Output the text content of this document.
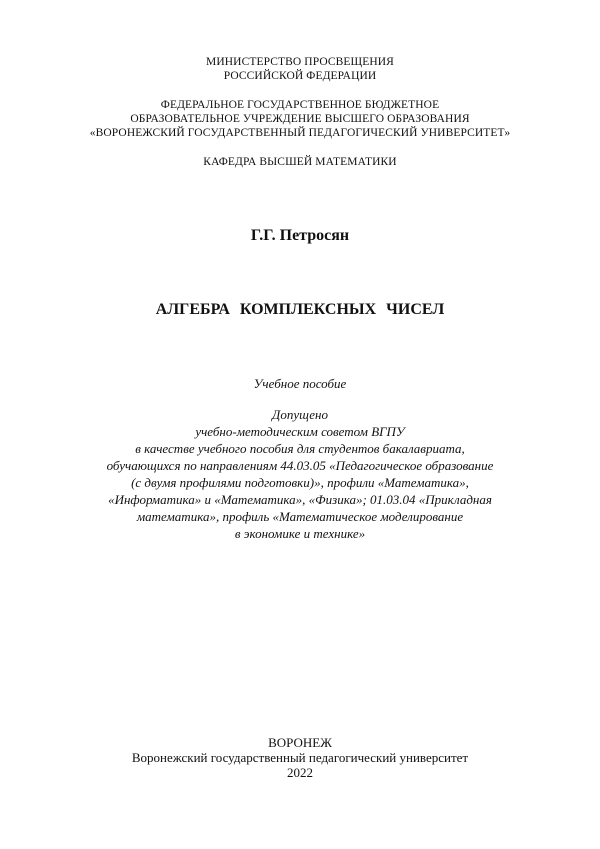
МИНИСТЕРСТВО ПРОСВЕЩЕНИЯ
РОССИЙСКОЙ ФЕДЕРАЦИИ
ФЕДЕРАЛЬНОЕ ГОСУДАРСТВЕННОЕ БЮДЖЕТНОЕ
ОБРАЗОВАТЕЛЬНОЕ УЧРЕЖДЕНИЕ ВЫСШЕГО ОБРАЗОВАНИЯ
«ВОРОНЕЖСКИЙ ГОСУДАРСТВЕННЫЙ ПЕДАГОГИЧЕСКИЙ УНИВЕРСИТЕТ»
КАФЕДРА ВЫСШЕЙ МАТЕМАТИКИ
Г.Г. Петросян
АЛГЕБРА КОМПЛЕКСНЫХ ЧИСЕЛ
Учебное пособие
Допущено
учебно-методическим советом ВГПУ
в качестве учебного пособия для студентов бакалавриата,
обучающихся по направлениям 44.03.05 «Педагогическое образование
(с двумя профилями подготовки)», профили «Математика»,
«Информатика» и «Математика», «Физика»; 01.03.04 «Прикладная
математика», профиль «Математическое моделирование
в экономике и технике»
ВОРОНЕЖ
Воронежский государственный педагогический университет
2022
